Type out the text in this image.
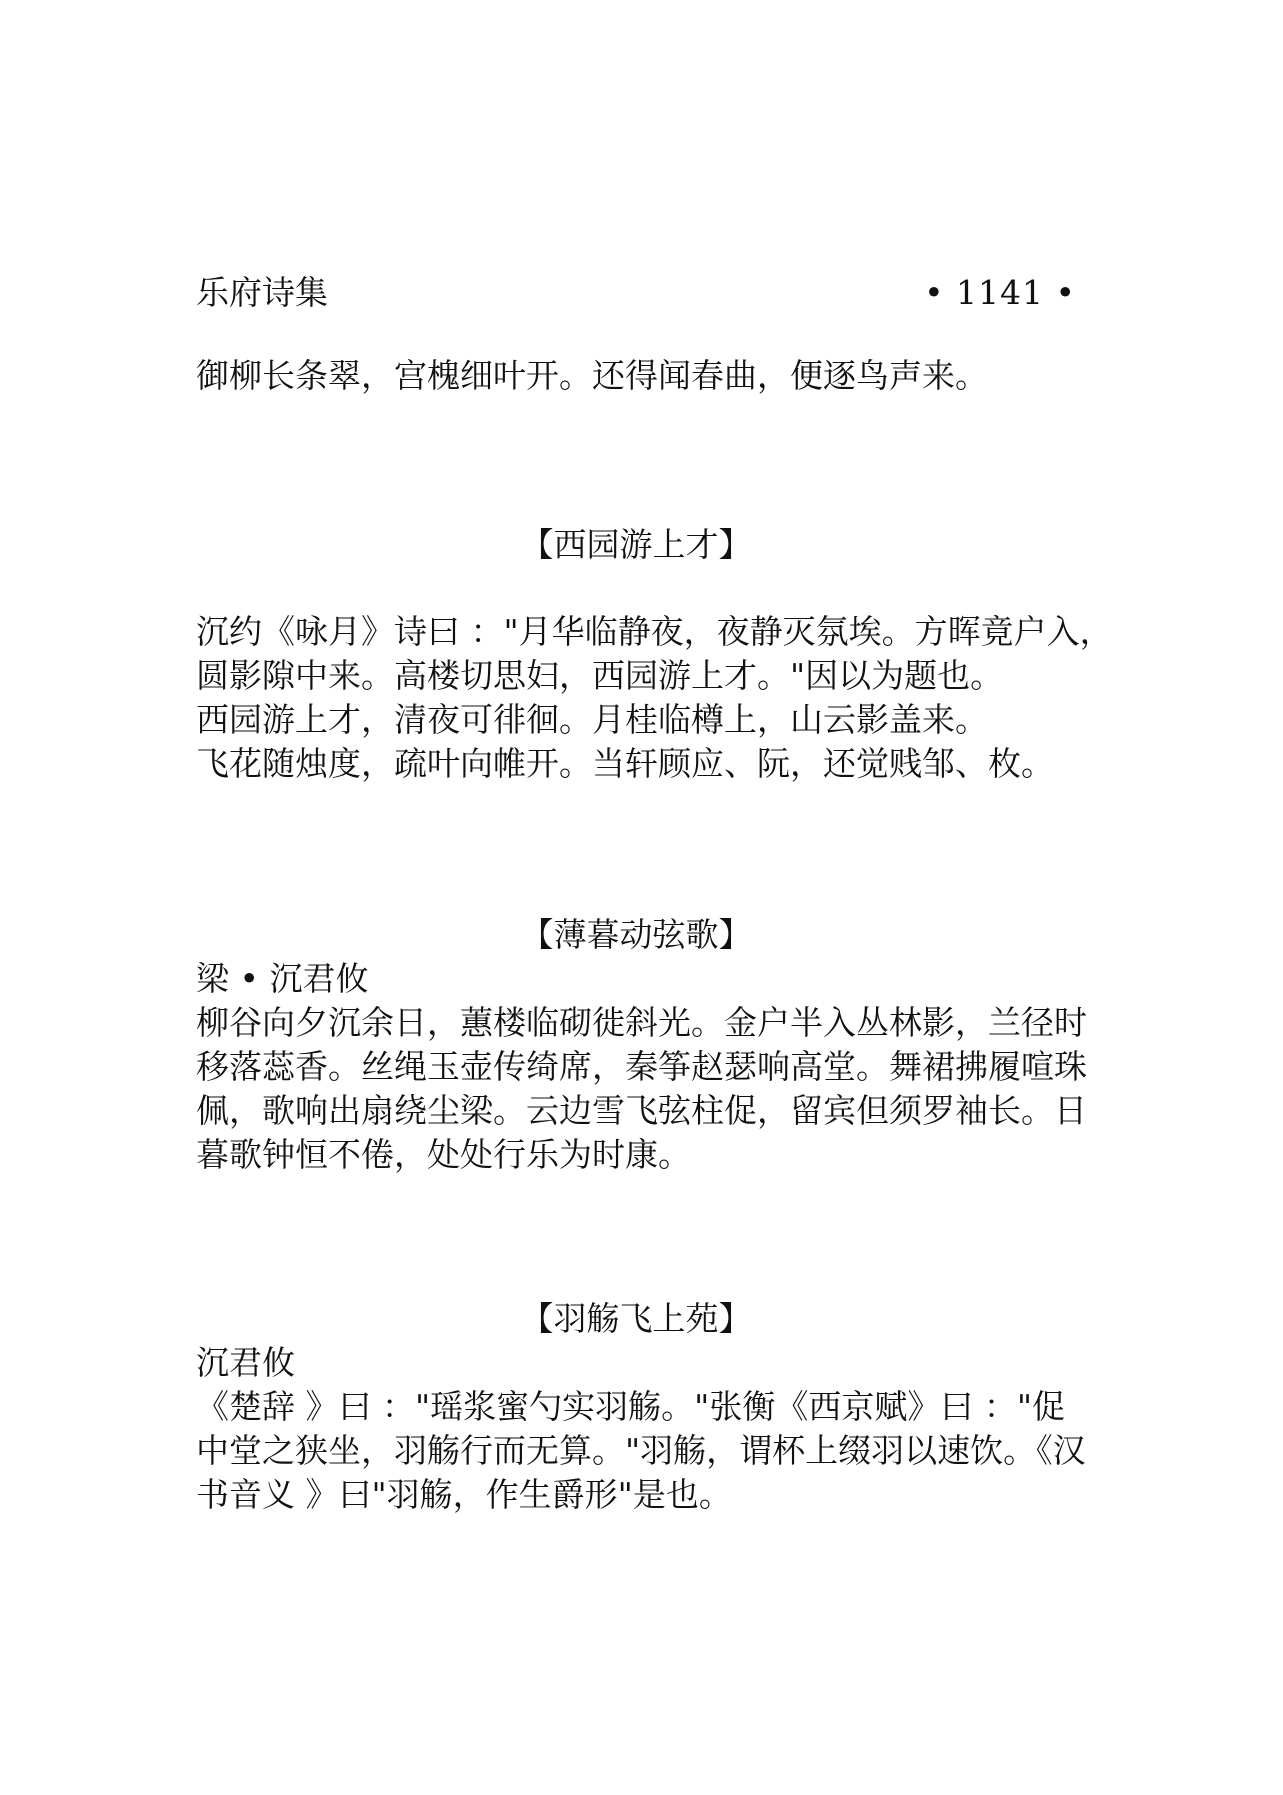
乐府诗集	• 1141 •
御柳长条翠，宫槐细叶开。还得闻春曲，便逐鸟声来。
【西园游上才】
沉约《咏月》诗曰 ："月华临静夜，夜静灭氛埃。方晖竟户入，
圆影隙中来。高楼切思妇，西园游上才。"因以为题也。
西园游上才，清夜可徘徊。月桂临樽上，山云影盖来。
飞花随烛度，疏叶向帷开。当轩顾应、阮，还觉贱邹、枚。
【薄暮动弦歌】
梁 • 沉君攸
柳谷向夕沉余日，蕙楼临砌徙斜光。金户半入丛林影，兰径时
移落蕊香。丝绳玉壶传绮席，秦筝赵瑟响高堂。舞裙拂履喧珠
佩，歌响出扇绕尘梁。云边雪飞弦柱促，留宾但须罗袖长。日
暮歌钟恒不倦，处处行乐为时康。
【羽觞飞上苑】
沉君攸
《楚辞 》曰 ："瑶浆蜜勺实羽觞。"张衡《西京赋》曰 ："促
中堂之狭坐，羽觞行而无算。"羽觞，谓杯上缀羽以速饮。《汉
书音义 》曰"羽觞，作生爵形"是也。
